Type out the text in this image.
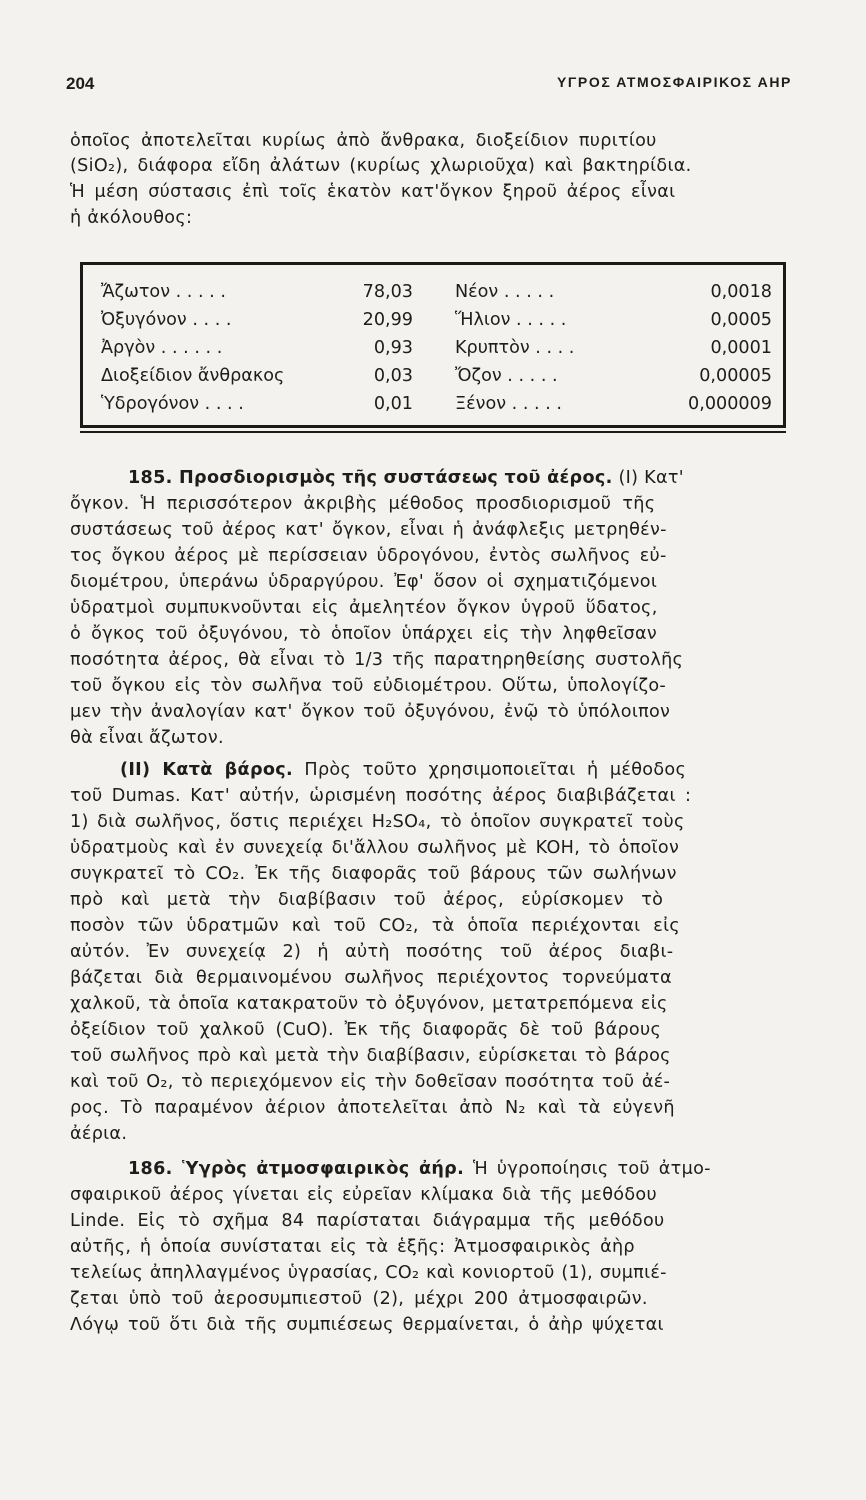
204	ΥΓΡΟΣ ΑΤΜΟΣΦΑΙΡΙΚΟΣ ΑΗΡ
ὁποῖος ἀποτελεῖται κυρίως ἀπὸ ἄνθρακα, διοξείδιον πυριτίου
(SiO₂), διάφορα εἴδη ἀλάτων (κυρίως χλωριοῦχα) καὶ βακτηρίδια.
Ἡ μέση σύστασις ἐπὶ τοῖς ἑκατὸν κατ'ὄγκον ξηροῦ ἀέρος εἶναι
ἡ ἀκόλουθος:
Ἄζωτον . . . . .	78,03 Νέον . . . . .	0,0018
Ὀξυγόνον . . . .	20,99 Ἥλιον . . . . .	0,0005
Ἀργὸν . . . . . .	0,93 Κρυπτὸν . . . .	0,0001
Διοξείδιον ἄνθρακος	0,03 Ὄζον . . . . .	0,00005
Ὑδρογόνον . . . .	0,01 Ξένον . . . . .	0,000009
185. Προσδιορισμὸς τῆς συστάσεως τοῦ ἀέρος. (I) Κατ'
ὄγκον. Ἡ περισσότερον ἀκριβὴς μέθοδος προσδιορισμοῦ τῆς
συστάσεως τοῦ ἀέρος κατ' ὄγκον, εἶναι ἡ ἀνάφλεξις μετρηθέν-
τος ὄγκου ἀέρος μὲ περίσσειαν ὑδρογόνου, ἐντὸς σωλῆνος εὐ-
διομέτρου, ὑπεράνω ὑδραργύρου. Ἐφ' ὅσον οἱ σχηματιζόμενοι
ὑδρατμοὶ συμπυκνοῦνται εἰς ἀμελητέον ὄγκον ὑγροῦ ὕδατος,
ὁ ὄγκος τοῦ ὀξυγόνου, τὸ ὁποῖον ὑπάρχει εἰς τὴν ληφθεῖσαν
ποσότητα ἀέρος, θὰ εἶναι τὸ 1/3 τῆς παρατηρηθείσης συστολῆς
τοῦ ὄγκου εἰς τὸν σωλῆνα τοῦ εὐδιομέτρου. Οὕτω, ὑπολογίζο-
μεν τὴν ἀναλογίαν κατ' ὄγκον τοῦ ὀξυγόνου, ἐνῷ τὸ ὑπόλοιπον
θὰ εἶναι ἄζωτον.
(II) Κατὰ βάρος. Πρὸς τοῦτο χρησιμοποιεῖται ἡ μέθοδος
τοῦ Dumas. Κατ' αὐτήν, ὡρισμένη ποσότης ἀέρος διαβιβάζεται :
1) διὰ σωλῆνος, ὅστις περιέχει H₂SO₄, τὸ ὁποῖον συγκρατεῖ τοὺς
ὑδρατμοὺς καὶ ἐν συνεχείᾳ δι'ἄλλου σωλῆνος μὲ KOH, τὸ ὁποῖον
συγκρατεῖ τὸ CO₂. Ἐκ τῆς διαφορᾶς τοῦ βάρους τῶν σωλήνων
πρὸ καὶ μετὰ τὴν διαβίβασιν τοῦ ἀέρος, εὑρίσκομεν τὸ
ποσὸν τῶν ὑδρατμῶν καὶ τοῦ CO₂, τὰ ὁποῖα περιέχονται εἰς
αὐτόν. Ἐν συνεχείᾳ 2) ἡ αὐτὴ ποσότης τοῦ ἀέρος διαβι-
βάζεται διὰ θερμαινομένου σωλῆνος περιέχοντος τορνεύματα
χαλκοῦ, τὰ ὁποῖα κατακρατοῦν τὸ ὀξυγόνον, μετατρεπόμενα εἰς
ὀξείδιον τοῦ χαλκοῦ (CuO). Ἐκ τῆς διαφορᾶς δὲ τοῦ βάρους
τοῦ σωλῆνος πρὸ καὶ μετὰ τὴν διαβίβασιν, εὑρίσκεται τὸ βάρος
καὶ τοῦ O₂, τὸ περιεχόμενον εἰς τὴν δοθεῖσαν ποσότητα τοῦ ἀέ-
ρος. Τὸ παραμένον ἀέριον ἀποτελεῖται ἀπὸ N₂ καὶ τὰ εὐγενῆ
ἀέρια.
186. Ὑγρὸς ἀτμοσφαιρικὸς ἀήρ. Ἡ ὑγροποίησις τοῦ ἀτμο-
σφαιρικοῦ ἀέρος γίνεται εἰς εὐρεῖαν κλίμακα διὰ τῆς μεθόδου
Linde. Εἰς τὸ σχῆμα 84 παρίσταται διάγραμμα τῆς μεθόδου
αὐτῆς, ἡ ὁποία συνίσταται εἰς τὰ ἑξῆς: Ἀτμοσφαιρικὸς ἀὴρ
τελείως ἀπηλλαγμένος ὑγρασίας, CO₂ καὶ κονιορτοῦ (1), συμπιέ-
ζεται ὑπὸ τοῦ ἀεροσυμπιεστοῦ (2), μέχρι 200 ἀτμοσφαιρῶν.
Λόγῳ τοῦ ὅτι διὰ τῆς συμπιέσεως θερμαίνεται, ὁ ἀὴρ ψύχεται
